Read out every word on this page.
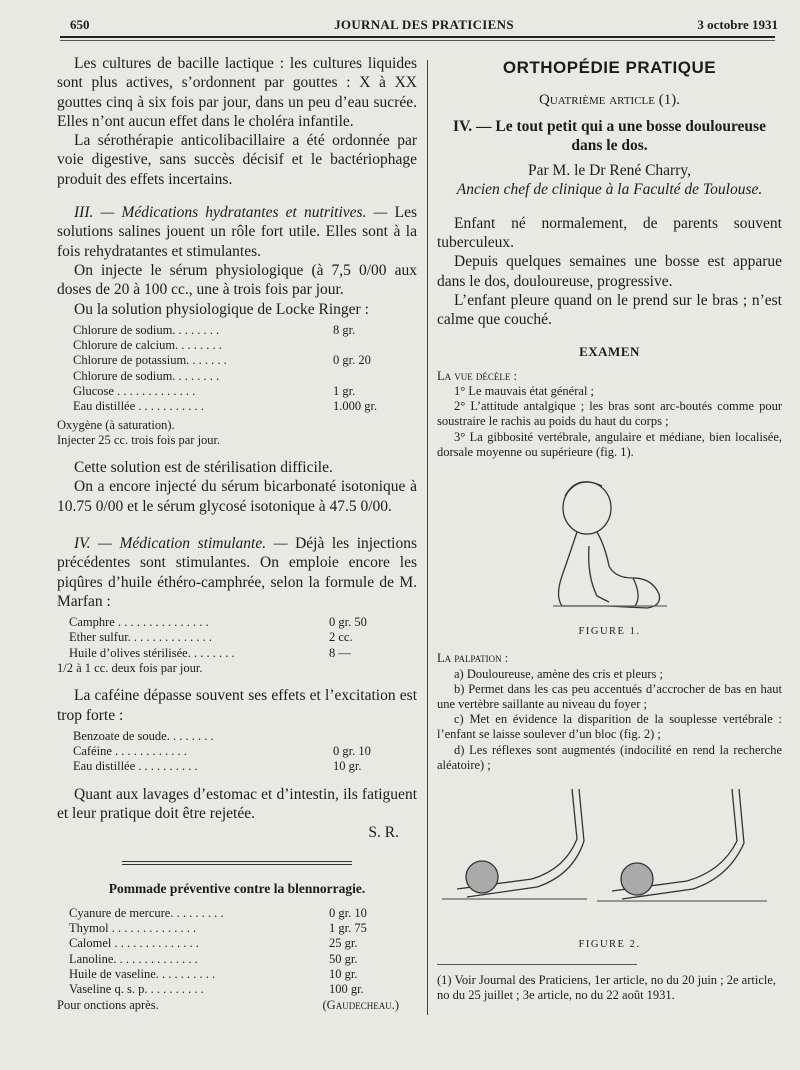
650	JOURNAL DES PRATICIENS	3 octobre 1931

Les cultures de bacille lactique : les cultures liquides sont plus actives, s’ordonnent par gouttes : X à XX gouttes cinq à six fois par jour, dans un peu d’eau sucrée. Elles n’ont aucun effet dans le choléra infantile.

La sérothérapie anticolibacillaire a été ordonnée par voie digestive, sans succès décisif et le bactériophage produit des effets incertains.

III. — Médications hydratantes et nutritives. — Les solutions salines jouent un rôle fort utile. Elles sont à la fois rehydratantes et stimulantes.

On injecte le sérum physiologique (à 7,5 0/00 aux doses de 20 à 100 cc., une à trois fois par jour.

Ou la solution physiologique de Locke Ringer :

Chlorure de sodium. . . . . . . .	8 gr.
Chlorure de calcium. . . . . . . .
Chlorure de potassium. . . . . . .	0 gr. 20
Chlorure de sodium. . . . . . . .
Glucose . . . . . . . . . . . . .	1 gr.
Eau distillée . . . . . . . . . . .	1.000 gr.
Oxygène (à saturation).
Injecter 25 cc. trois fois par jour.

Cette solution est de stérilisation difficile.

On a encore injecté du sérum bicarbonaté isotonique à 10.75 0/00 et le sérum glycosé isotonique à 47.5 0/00.

IV. — Médication stimulante. — Déjà les injections précédentes sont stimulantes. On emploie encore les piqûres d’huile éthéro-camphrée, selon la formule de M. Marfan :

Camphre . . . . . . . . . . . . . . .	0 gr. 50
Ether sulfur. . . . . . . . . . . . . .	2 cc.
Huile d’olives stérilisée. . . . . . . .	8 —
1/2 à 1 cc. deux fois par jour.

La caféine dépasse souvent ses effets et l’excitation est trop forte :

Benzoate de soude. . . . . . . .
Caféine . . . . . . . . . . . .	0 gr. 10
Eau distillée . . . . . . . . . .	10 gr.

Quant aux lavages d’estomac et d’intestin, ils fatiguent et leur pratique doit être rejetée.

S. R.
Pommade préventive contre la blennorragie.
Cyanure de mercure. . . . . . . . .	0 gr. 10
Thymol . . . . . . . . . . . . . .	1 gr. 75
Calomel . . . . . . . . . . . . . .	25 gr.
Lanoline. . . . . . . . . . . . . .	50 gr.
Huile de vaseline. . . . . . . . . .	10 gr.
Vaseline q. s. p. . . . . . . . . .	100 gr.
Pour onctions après.	(Gaudecheau.)
ORTHOPÉDIE PRATIQUE
Quatrième article (1).
IV. — Le tout petit qui a une bosse douloureuse dans le dos.
Par M. le Dr René Charry,
Ancien chef de clinique à la Faculté de Toulouse.

Enfant né normalement, de parents souvent tuberculeux.

Depuis quelques semaines une bosse est apparue dans le dos, douloureuse, progressive.

L’enfant pleure quand on le prend sur le bras ; n’est calme que couché.

EXAMEN
La vue décèle :

1° Le mauvais état général ;

2° L’attitude antalgique ; les bras sont arc-boutés comme pour soustraire le rachis au poids du haut du corps ;

3° La gibbosité vertébrale, angulaire et médiane, bien localisée, dorsale moyenne ou supérieure (fig. 1).

FIGURE 1.
La palpation :

a) Douloureuse, amène des cris et pleurs ;

b) Permet dans les cas peu accentués d’accrocher de bas en haut une vertèbre saillante au niveau du foyer ;

c) Met en évidence la disparition de la souplesse vertébrale : l’enfant se laisse soulever d’un bloc (fig. 2) ;

d) Les réflexes sont augmentés (indocilité en rend la recherche aléatoire) ;

FIGURE 2.
(1) Voir Journal des Praticiens, 1er article, no du 20 juin ; 2e article, no du 25 juillet ; 3e article, no du 22 août 1931.
